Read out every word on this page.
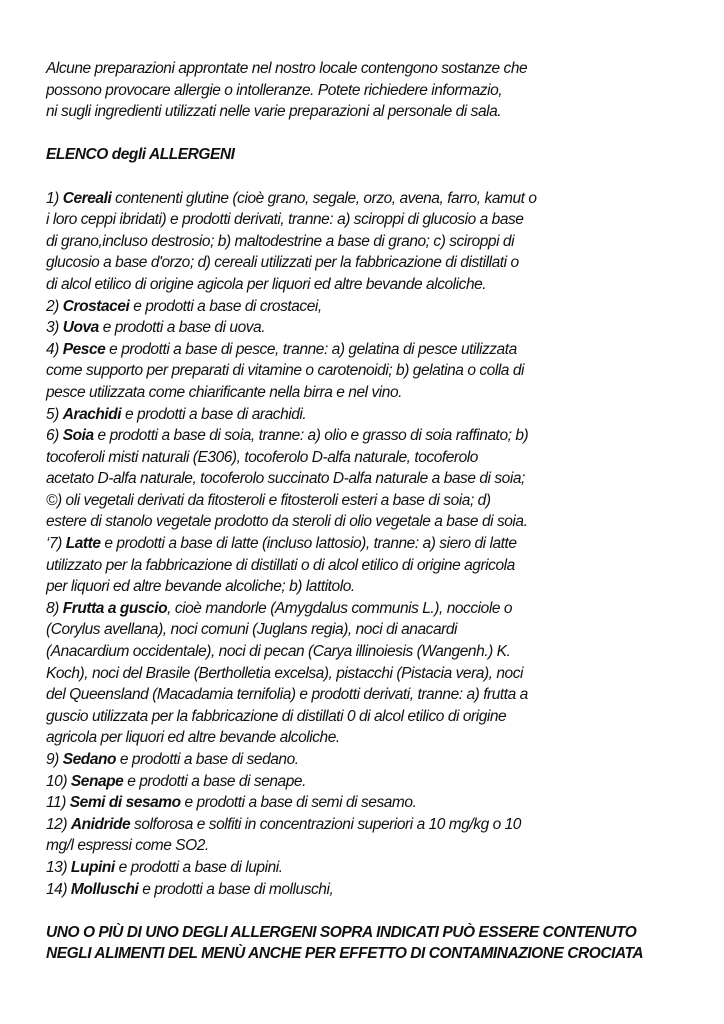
Alcune preparazioni approntate nel nostro locale contengono sostanze che
possono provocare allergie o intolleranze. Potete richiedere informazio,
ni sugli ingredienti utilizzati nelle varie preparazioni al personale di sala.
ELENCO degli ALLERGENI
1) Cereali contenenti glutine (cioè grano, segale, orzo, avena, farro, kamut o
i loro ceppi ibridati) e prodotti derivati, tranne: a) sciroppi di glucosio a base
di grano,incluso destrosio; b) maltodestrine a base di grano; c) sciroppi di
glucosio a base d'orzo; d) cereali utilizzati per la fabbricazione di distillati o
di alcol etilico di origine agicola per liquori ed altre bevande alcoliche.
2) Crostacei e prodotti a base di crostacei,
3) Uova e prodotti a base di uova.
4) Pesce e prodotti a base di pesce, tranne: a) gelatina di pesce utilizzata
come supporto per preparati di vitamine o carotenoidi; b) gelatina o colla di
pesce utilizzata come chiarificante nella birra e nel vino.
5) Arachidi e prodotti a base di arachidi.
6) Soia e prodotti a base di soia, tranne: a) olio e grasso di soia raffinato; b)
tocoferoli misti naturali (E306), tocoferolo D-alfa naturale, tocoferolo
acetato D-alfa naturale, tocoferolo succinato D-alfa naturale a base di soia;
©) oli vegetali derivati da fitosteroli e fitosteroli esteri a base di soia; d)
estere di stanolo vegetale prodotto da steroli di olio vegetale a base di soia.
‘7) Latte e prodotti a base di latte (incluso lattosio), tranne: a) siero di latte
utilizzato per la fabbricazione di distillati o di alcol etilico di origine agricola
per liquori ed altre bevande alcoliche; b) lattitolo.
8) Frutta a guscio, cioè mandorle (Amygdalus communis L.), nocciole o
(Corylus avellana), noci comuni (Juglans regia), noci di anacardi
(Anacardium occidentale), noci di pecan (Carya illinoiesis (Wangenh.) K.
Koch), noci del Brasile (Bertholletia excelsa), pistacchi (Pistacia vera), noci
del Queensland (Macadamia ternifolia) e prodotti derivati, tranne: a) frutta a
guscio utilizzata per la fabbricazione di distillati 0 di alcol etilico di origine
agricola per liquori ed altre bevande alcoliche.
9) Sedano e prodotti a base di sedano.
10) Senape e prodotti a base di senape.
11) Semi di sesamo e prodotti a base di semi di sesamo.
12) Anidride solforosa e solfiti in concentrazioni superiori a 10 mg/kg o 10
mg/l espressi come SO2.
13) Lupini e prodotti a base di lupini.
14) Molluschi e prodotti a base di molluschi,
UNO O PIÙ DI UNO DEGLI ALLERGENI SOPRA INDICATI PUÒ ESSERE CONTENUTO
NEGLI ALIMENTI DEL MENÙ ANCHE PER EFFETTO DI CONTAMINAZIONE CROCIATA
